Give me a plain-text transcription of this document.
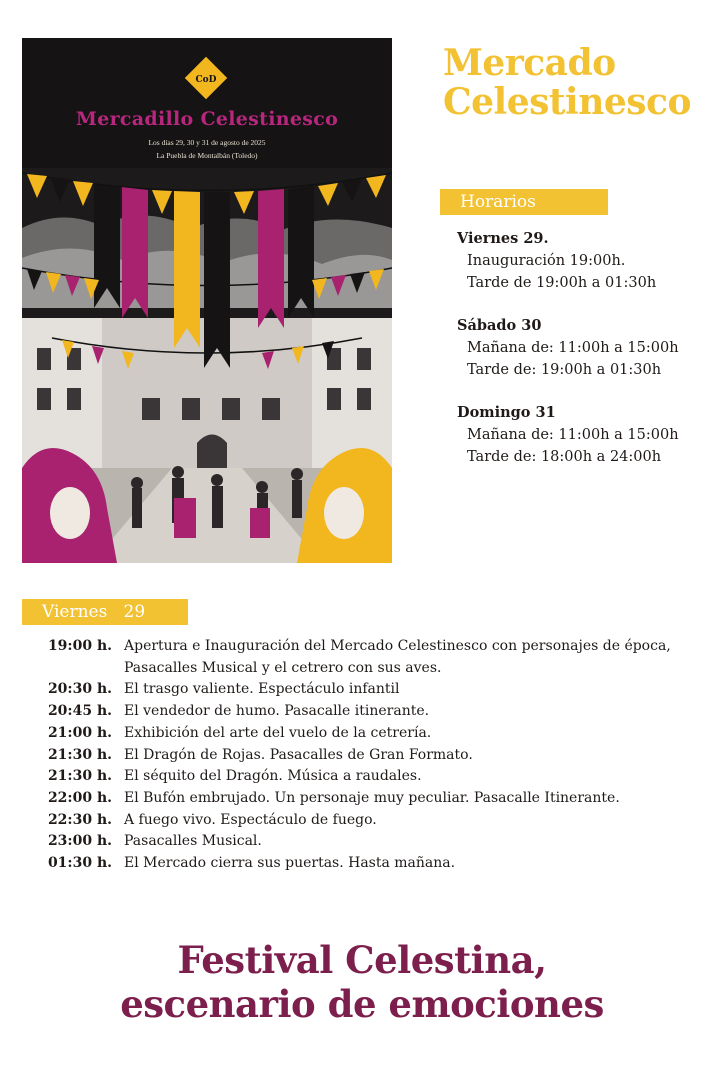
CoD
Mercadillo Celestinesco
Los días 29, 30 y 31 de agosto de 2025
La Puebla de Montalbán (Toledo)
Mercado
Celestinesco
Horarios
Viernes 29.
Inauguración 19:00h.
Tarde de 19:00h a 01:30h
Sábado 30
Mañana de: 11:00h a 15:00h
Tarde de: 19:00h a 01:30h
Domingo 31
Mañana de: 11:00h a 15:00h
Tarde de: 18:00h a 24:00h
Viernes   29
19:00 h. Apertura e Inauguración del Mercado Celestinesco con personajes de época,
Pasacalles Musical y el cetrero con sus aves.
20:30 h. El trasgo valiente. Espectáculo infantil
20:45 h. El vendedor de humo. Pasacalle itinerante.
21:00 h. Exhibición del arte del vuelo de la cetrería.
21:30 h. El Dragón de Rojas. Pasacalles de Gran Formato.
21:30 h. El séquito del Dragón. Música a raudales.
22:00 h. El Bufón embrujado. Un personaje muy peculiar. Pasacalle Itinerante.
22:30 h. A fuego vivo. Espectáculo de fuego.
23:00 h. Pasacalles Musical.
01:30 h. El Mercado cierra sus puertas. Hasta mañana.
Festival Celestina,
escenario de emociones
